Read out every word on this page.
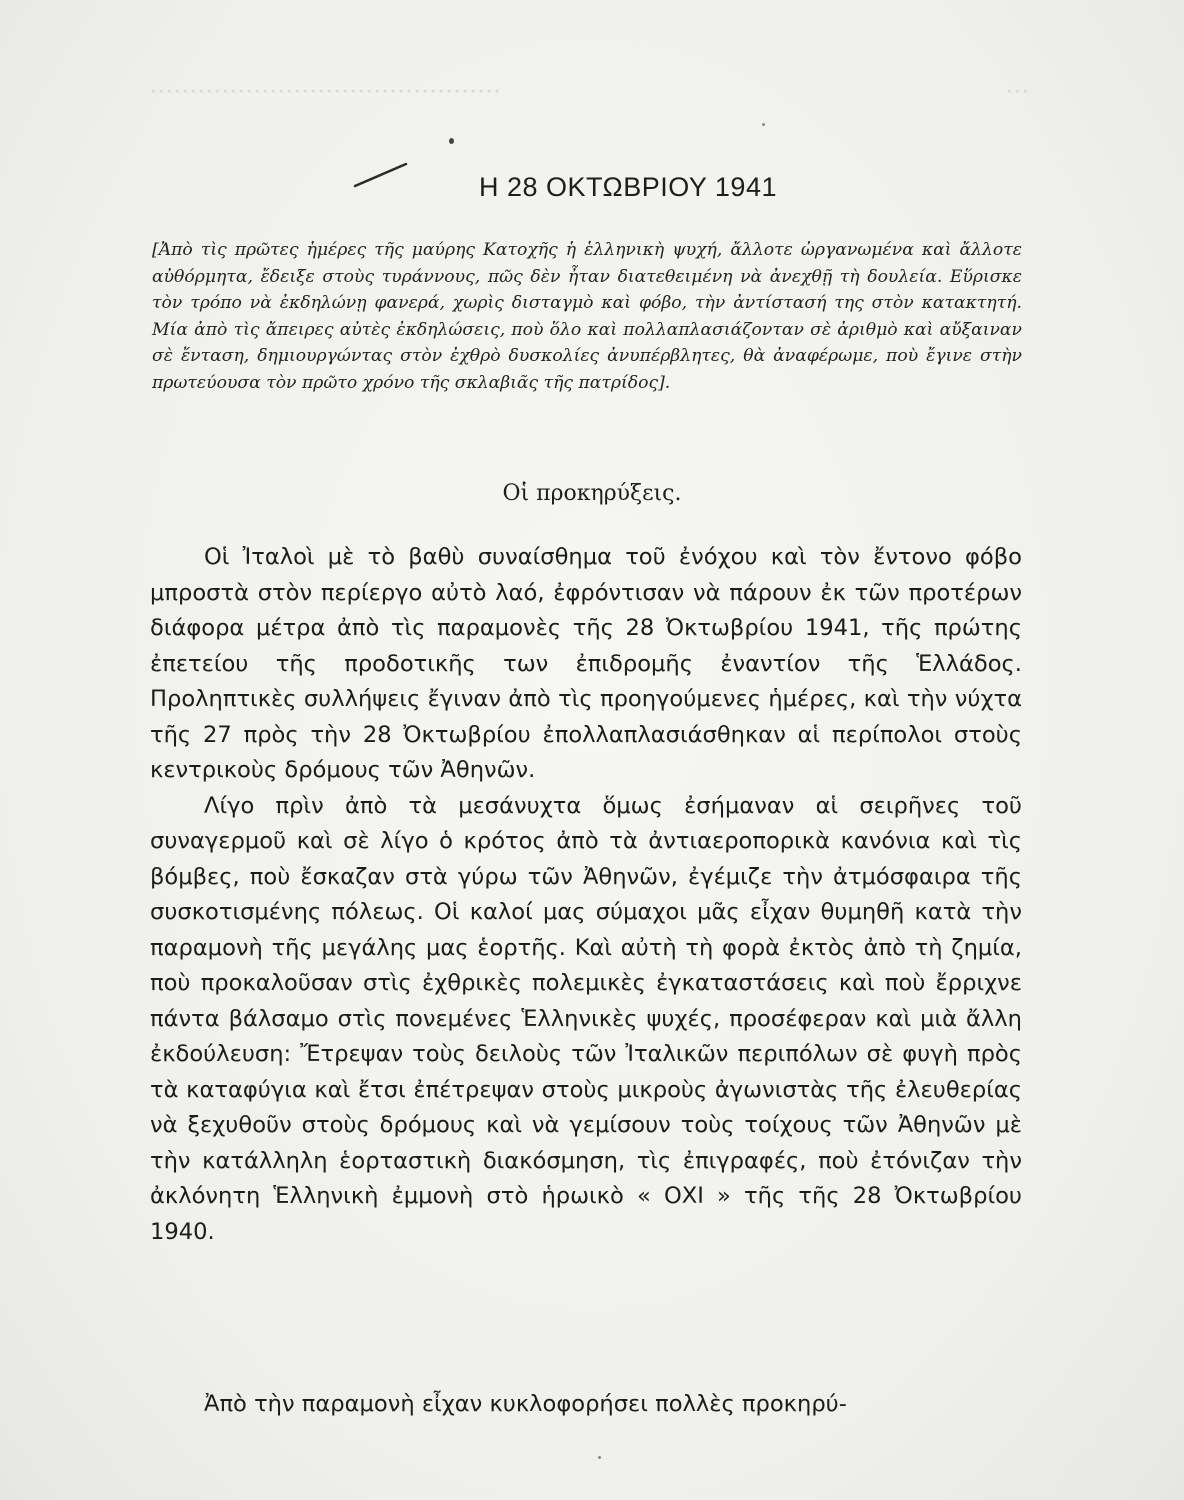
············································	···
Η 28 ΟΚΤΩΒΡΙΟΥ 1941
[Ἀπὸ τὶς πρῶτες ἡμέρες τῆς μαύρης Κατοχῆς ἡ ἑλληνικὴ ψυχή, ἄλλοτε ὠργανωμένα καὶ ἄλλοτε αὐθόρμητα, ἔδειξε στοὺς τυράννους, πῶς δὲν ἦταν διατεθειμένη νὰ ἀνεχθῇ τὴ δουλεία. Εὕρισκε τὸν τρόπο νὰ ἐκδηλώνῃ φανερά, χωρὶς δισταγμὸ καὶ φόβο, τὴν ἀντίστασή της στὸν κατακτητή. Μία ἀπὸ τὶς ἄπειρες αὐτὲς ἐκδηλώσεις, ποὺ ὅλο καὶ πολλαπλασιάζονταν σὲ ἀριθμὸ καὶ αὔξαιναν σὲ ἔνταση, δημιουργώντας στὸν ἐχθρὸ δυσκολίες ἀνυπέρβλητες, θὰ ἀναφέρωμε, ποὺ ἔγινε στὴν πρωτεύουσα τὸν πρῶτο χρόνο τῆς σκλαβιᾶς τῆς πατρίδος].
Οἱ προκηρύξεις.

Οἱ Ἰταλοὶ μὲ τὸ βαθὺ συναίσθημα τοῦ ἐνόχου καὶ τὸν ἔντονο φόβο μπροστὰ στὸν περίεργο αὐτὸ λαό, ἐφρόντισαν νὰ πάρουν ἐκ τῶν προτέρων διάφορα μέτρα ἀπὸ τὶς παραμονὲς τῆς 28 Ὀκτωβρίου 1941, τῆς πρώτης ἐπετείου τῆς προδοτικῆς των ἐπιδρομῆς ἐναντίον τῆς Ἑλλάδος. Προληπτικὲς συλλήψεις ἔγιναν ἀπὸ τὶς προηγούμενες ἡμέρες, καὶ τὴν νύχτα τῆς 27 πρὸς τὴν 28 Ὀκτωβρίου ἐπολλαπλασιάσθηκαν αἱ περίπολοι στοὺς κεντρικοὺς δρόμους τῶν Ἀθηνῶν.

Λίγο πρὶν ἀπὸ τὰ μεσάνυχτα ὅμως ἐσήμαναν αἱ σειρῆνες τοῦ συναγερμοῦ καὶ σὲ λίγο ὁ κρότος ἀπὸ τὰ ἀντιαεροπορικὰ κανόνια καὶ τὶς βόμβες, ποὺ ἔσκαζαν στὰ γύρω τῶν Ἀθηνῶν, ἐγέμιζε τὴν ἀτμόσφαιρα τῆς συσκοτισμένης πόλεως. Οἱ καλοί μας σύμαχοι μᾶς εἶχαν θυμηθῆ κατὰ τὴν παραμονὴ τῆς μεγάλης μας ἑορτῆς. Καὶ αὐτὴ τὴ φορὰ ἐκτὸς ἀπὸ τὴ ζημία, ποὺ προκαλοῦσαν στὶς ἐχθρικὲς πολεμικὲς ἐγκαταστάσεις καὶ ποὺ ἔρριχνε πάντα βάλσαμο στὶς πονεμένες Ἑλληνικὲς ψυχές, προσέφεραν καὶ μιὰ ἄλλη ἐκδούλευση: Ἔτρεψαν τοὺς δειλοὺς τῶν Ἰταλικῶν περιπόλων σὲ φυγὴ πρὸς τὰ καταφύγια καὶ ἔτσι ἐπέτρεψαν στοὺς μικροὺς ἀγωνιστὰς τῆς ἐλευθερίας νὰ ξεχυθοῦν στοὺς δρόμους καὶ νὰ γεμίσουν τοὺς τοίχους τῶν Ἀθηνῶν μὲ τὴν κατάλληλη ἑορταστικὴ διακόσμηση, τὶς ἐπιγραφές, ποὺ ἐτόνιζαν τὴν ἀκλόνητη Ἑλληνικὴ ἐμμονὴ στὸ ἡρωικὸ « ΟΧΙ » τῆς τῆς 28 Ὀκτωβρίου 1940.

Ἀπὸ τὴν παραμονὴ εἶχαν κυκλοφορήσει πολλὲς προκηρύ-
